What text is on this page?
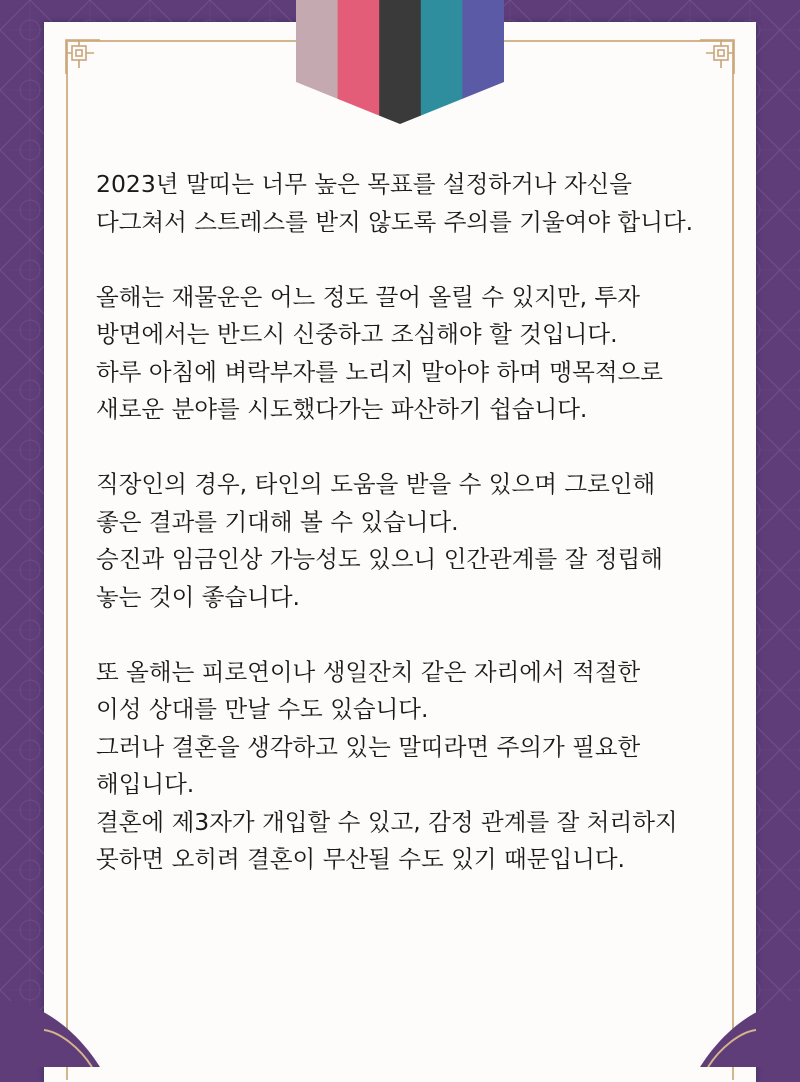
2023년 말띠는 너무 높은 목표를 설정하거나 자신을
다그쳐서 스트레스를 받지 않도록 주의를 기울여야 합니다.
올해는 재물운은 어느 정도 끌어 올릴 수 있지만, 투자
방면에서는 반드시 신중하고 조심해야 할 것입니다.
하루 아침에 벼락부자를 노리지 말아야 하며 맹목적으로
새로운 분야를 시도했다가는 파산하기 쉽습니다.
직장인의 경우, 타인의 도움을 받을 수 있으며 그로인해
좋은 결과를 기대해 볼 수 있습니다.
승진과 임금인상 가능성도 있으니 인간관계를 잘 정립해
놓는 것이 좋습니다.
또 올해는 피로연이나 생일잔치 같은 자리에서 적절한
이성 상대를 만날 수도 있습니다.
그러나 결혼을 생각하고 있는 말띠라면 주의가 필요한
해입니다.
결혼에 제3자가 개입할 수 있고, 감정 관계를 잘 처리하지
못하면 오히려 결혼이 무산될 수도 있기 때문입니다.
